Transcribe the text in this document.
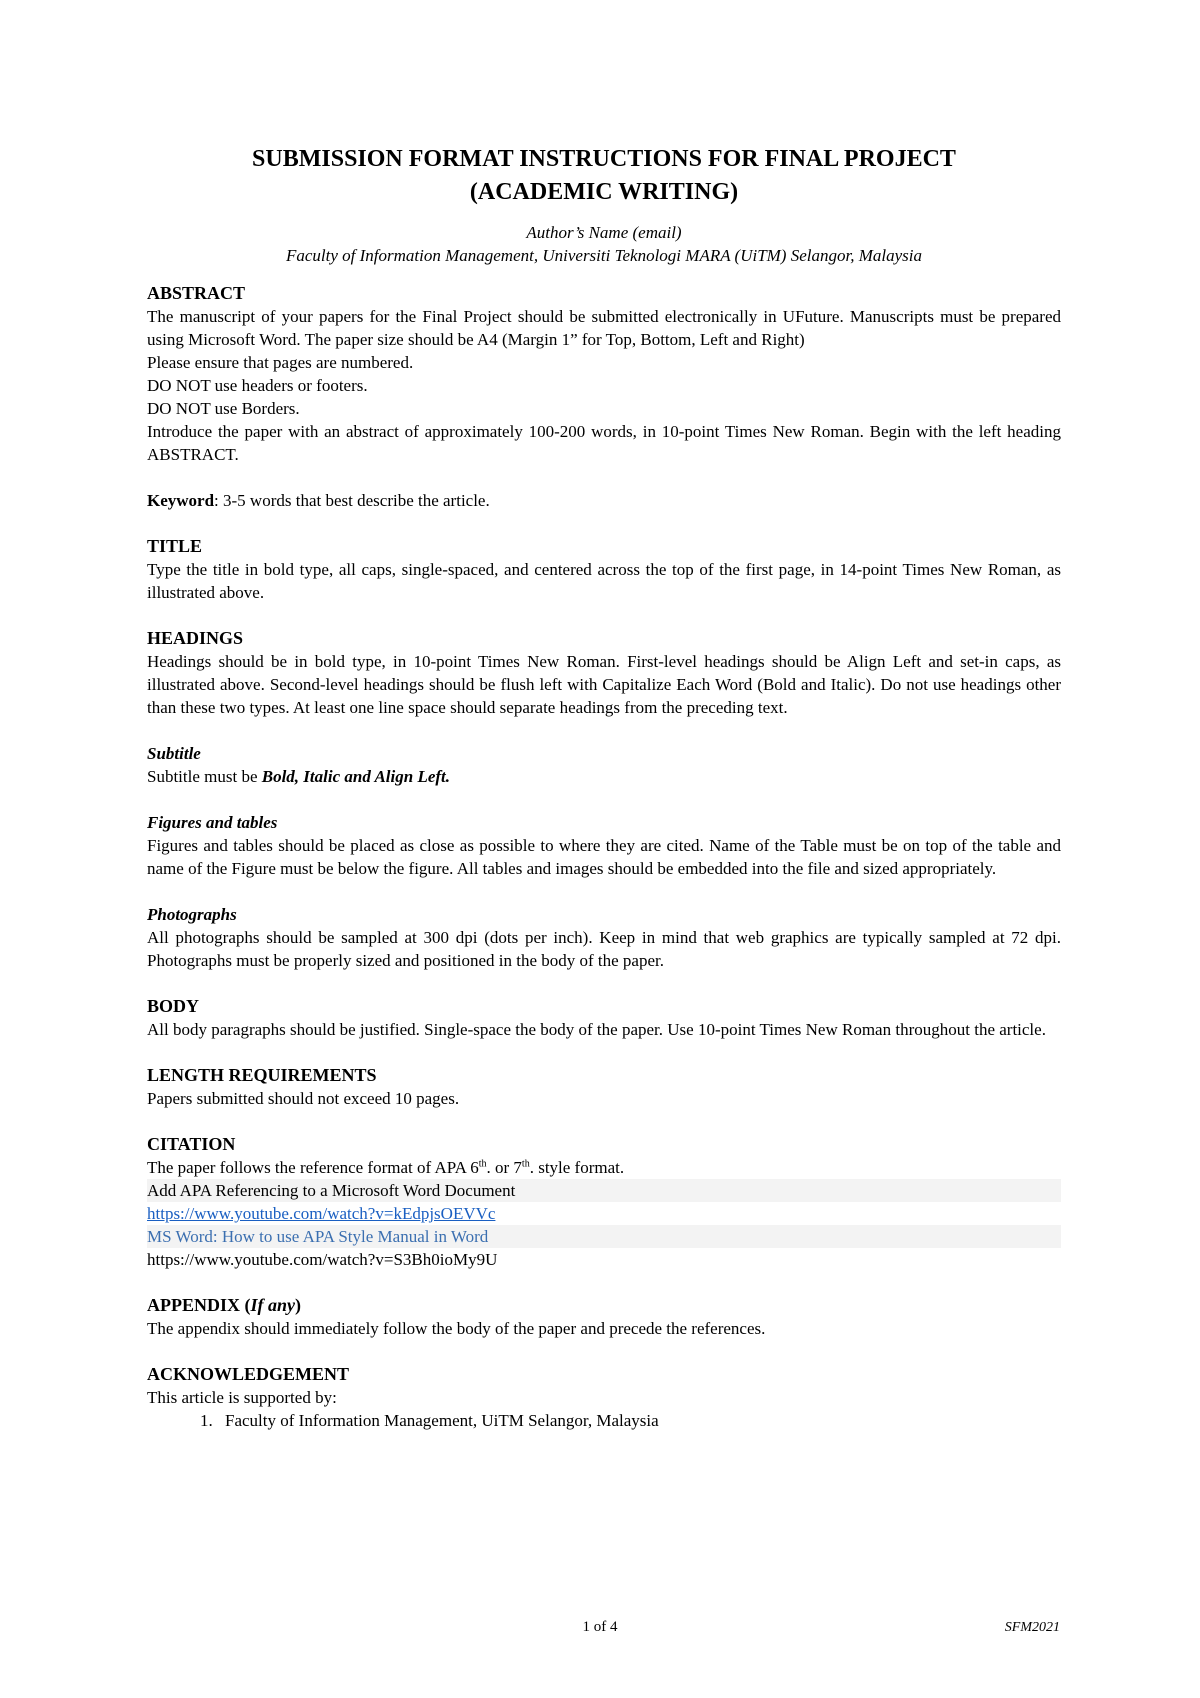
SUBMISSION FORMAT INSTRUCTIONS FOR FINAL PROJECT
(ACADEMIC WRITING)

Author’s Name (email)

Faculty of Information Management, Universiti Teknologi MARA (UiTM) Selangor, Malaysia

ABSTRACT

The manuscript of your papers for the Final Project should be submitted electronically in UFuture. Manuscripts must be prepared using Microsoft Word. The paper size should be A4 (Margin 1” for Top, Bottom, Left and Right)

Please ensure that pages are numbered.

DO NOT use headers or footers.

DO NOT use Borders.

Introduce the paper with an abstract of approximately 100-200 words, in 10-point Times New Roman. Begin with the left heading ABSTRACT.

Keyword: 3-5 words that best describe the article.

TITLE

Type the title in bold type, all caps, single-spaced, and centered across the top of the first page, in 14-point Times New Roman, as illustrated above.

HEADINGS

Headings should be in bold type, in 10-point Times New Roman. First-level headings should be Align Left and set-in caps, as illustrated above. Second-level headings should be flush left with Capitalize Each Word (Bold and Italic). Do not use headings other than these two types. At least one line space should separate headings from the preceding text.

Subtitle

Subtitle must be Bold, Italic and Align Left.

Figures and tables

Figures and tables should be placed as close as possible to where they are cited. Name of the Table must be on top of the table and name of the Figure must be below the figure. All tables and images should be embedded into the file and sized appropriately.

Photographs

All photographs should be sampled at 300 dpi (dots per inch). Keep in mind that web graphics are typically sampled at 72 dpi. Photographs must be properly sized and positioned in the body of the paper.

BODY

All body paragraphs should be justified. Single-space the body of the paper. Use 10-point Times New Roman throughout the article.

LENGTH REQUIREMENTS

Papers submitted should not exceed 10 pages.

CITATION

The paper follows the reference format of APA 6th. or 7th. style format.

Add APA Referencing to a Microsoft Word Document

https://www.youtube.com/watch?v=kEdpjsOEVVc

MS Word: How to use APA Style Manual in Word

https://www.youtube.com/watch?v=S3Bh0ioMy9U

APPENDIX (If any)

The appendix should immediately follow the body of the paper and precede the references.

ACKNOWLEDGEMENT

This article is supported by:

1. Faculty of Information Management, UiTM Selangor, Malaysia
1 of 4	SFM2021
